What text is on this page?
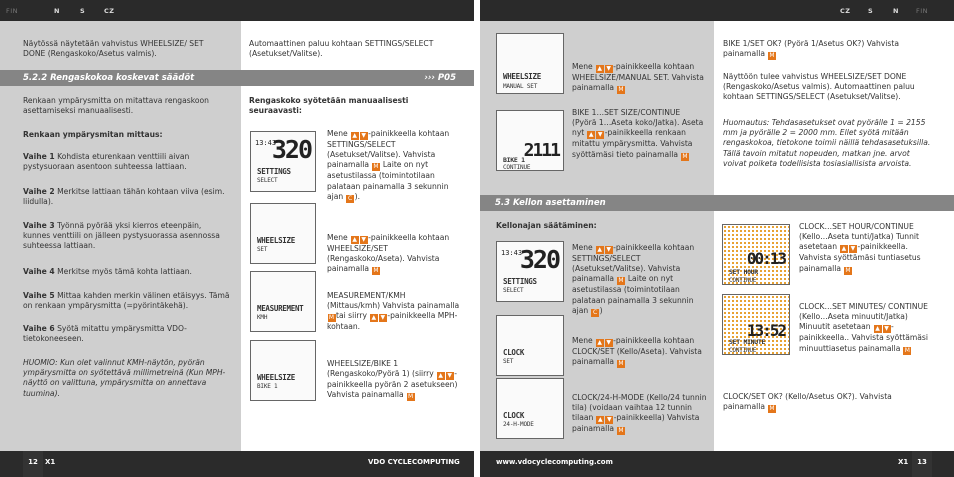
FIN	N	S	CZ	CZ	S	N	FIN
Näytössä näytetään vahvistus WHEELSIZE/ SET DONE (Rengaskoko/Asetus valmis).
Automaattinen paluu kohtaan SETTINGS/SELECT (Asetukset/Valitse).
5.2.2 Rengaskokoa koskevat säädöt	››› P05
Renkaan ympärysmitta on mitattava rengaskoon asettamiseksi manuaalisesti.
Renkaan ympärysmitan mittaus:
Vaihe 1 Kohdista eturenkaan venttiili aivan pystysuoraan asentoon suhteessa lattiaan.
Vaihe 2 Merkitse lattiaan tähän kohtaan viiva (esim. liidulla).
Vaihe 3 Työnnä pyörää yksi kierros eteenpäin, kunnes venttiili on jälleen pystysuorassa asennossa suhteessa lattiaan.
Vaihe 4 Merkitse myös tämä kohta lattiaan.
Vaihe 5 Mittaa kahden merkin välinen etäisyys. Tämä on renkaan ympärysmitta (=pyörintäkehä).
Vaihe 6 Syötä mitattu ympärysmitta VDO-tietokoneeseen.
HUOMIO: Kun olet valinnut KMH-näytön, pyörän ympärysmitta on syötettävä millimetreinä (Kun MPH-näyttö on valittuna, ympärysmitta on annettava tuumina).
Rengaskoko syötetään manuaalisesti seuraavasti:
13:43
320
SETTINGS
SELECT
WHEELSIZE
SET
MEASUREMENT
KMH
WHEELSIZE
BIKE 1
Mene ▲ ▼ -painikkeella kohtaan SETTINGS/SELECT (Asetukset/Valitse). Vahvista painamalla M Laite on nyt asetustilassa (toimintotilaan palataan painamalla 3 sekunnin ajan C ).
Mene ▲ ▼ -painikkeella kohtaan WHEELSIZE/SET (Rengaskoko/Aseta). Vahvista painamalla M
MEASUREMENT/KMH (Mittaus/kmh) Vahvista painamalla M tai siirry ▲ ▼ -painikkeella MPH-kohtaan.
WHEELSIZE/BIKE 1 (Rengaskoko/Pyörä 1) (siirry ▲ ▼ -painikkeella pyörän 2 asetukseen) Vahvista painamalla M
WHEELSIZE
MANUAL SET
2111
BIKE 1
CONTINUE
Mene ▲ ▼ -painikkeella kohtaan WHEELSIZE/MANUAL SET. Vahvista painamalla M
BIKE 1…SET SIZE/CONTINUE (Pyörä 1…Aseta koko/Jatka). Aseta nyt ▲ ▼ -painikkeella renkaan mitattu ympärysmitta. Vahvista syöttämäsi tieto painamalla M
BIKE 1/SET OK? (Pyörä 1/Asetus OK?) Vahvista painamalla M
Näyttöön tulee vahvistus WHEELSIZE/SET DONE (Rengaskoko/Asetus valmis). Automaattinen paluu kohtaan SETTINGS/SELECT (Asetukset/Valitse).
Huomautus: Tehdasasetukset ovat pyörälle 1 = 2155 mm ja pyörälle 2 = 2000 mm. Ellet syötä mitään rengaskokoa, tietokone toimii näillä tehdasasetuksilla. Tällä tavoin mitatut nopeuden, matkan jne. arvot voivat poiketa todellisista tosiasiallisista arvoista.
5.3 Kellon asettaminen
Kellonajan säätäminen:
13:43
320
SETTINGS
SELECT
CLOCK
SET
CLOCK
24-H-MODE
Mene ▲ ▼ -painikkeella kohtaan SETTINGS/SELECT (Asetukset/Valitse). Vahvista painamalla M Laite on nyt asetustilassa (toimintotilaan palataan painamalla 3 sekunnin ajan C )
Mene ▲ ▼ -painikkeella kohtaan CLOCK/SET (Kello/Aseta). Vahvista painamalla M
CLOCK/24-H-MODE (Kello/24 tunnin tila) (voidaan vaihtaa 12 tunnin tilaan ▲ ▼ -painikkeella) Vahvista painamalla M
00:13
SET HOUR
CONTINUE
13:52
SET MINUTE
CONTINUE
CLOCK…SET HOUR/CONTINUE (Kello…Aseta tunti/Jatka) Tunnit asetetaan ▲ ▼ -painikkeella. Vahvista syöttämäsi tuntiasetus painamalla M
CLOCK…SET MINUTES/ CONTINUE (Kello…Aseta minuutit/Jatka) Minuutit asetetaan ▲ ▼ -painikkeella.. Vahvista syöttämäsi minuuttiasetus painamalla M
CLOCK/SET OK? (Kello/Asetus OK?). Vahvista painamalla M
X1	VDO CYCLECOMPUTING
12	www.vdocyclecomputing.com	X1	13
